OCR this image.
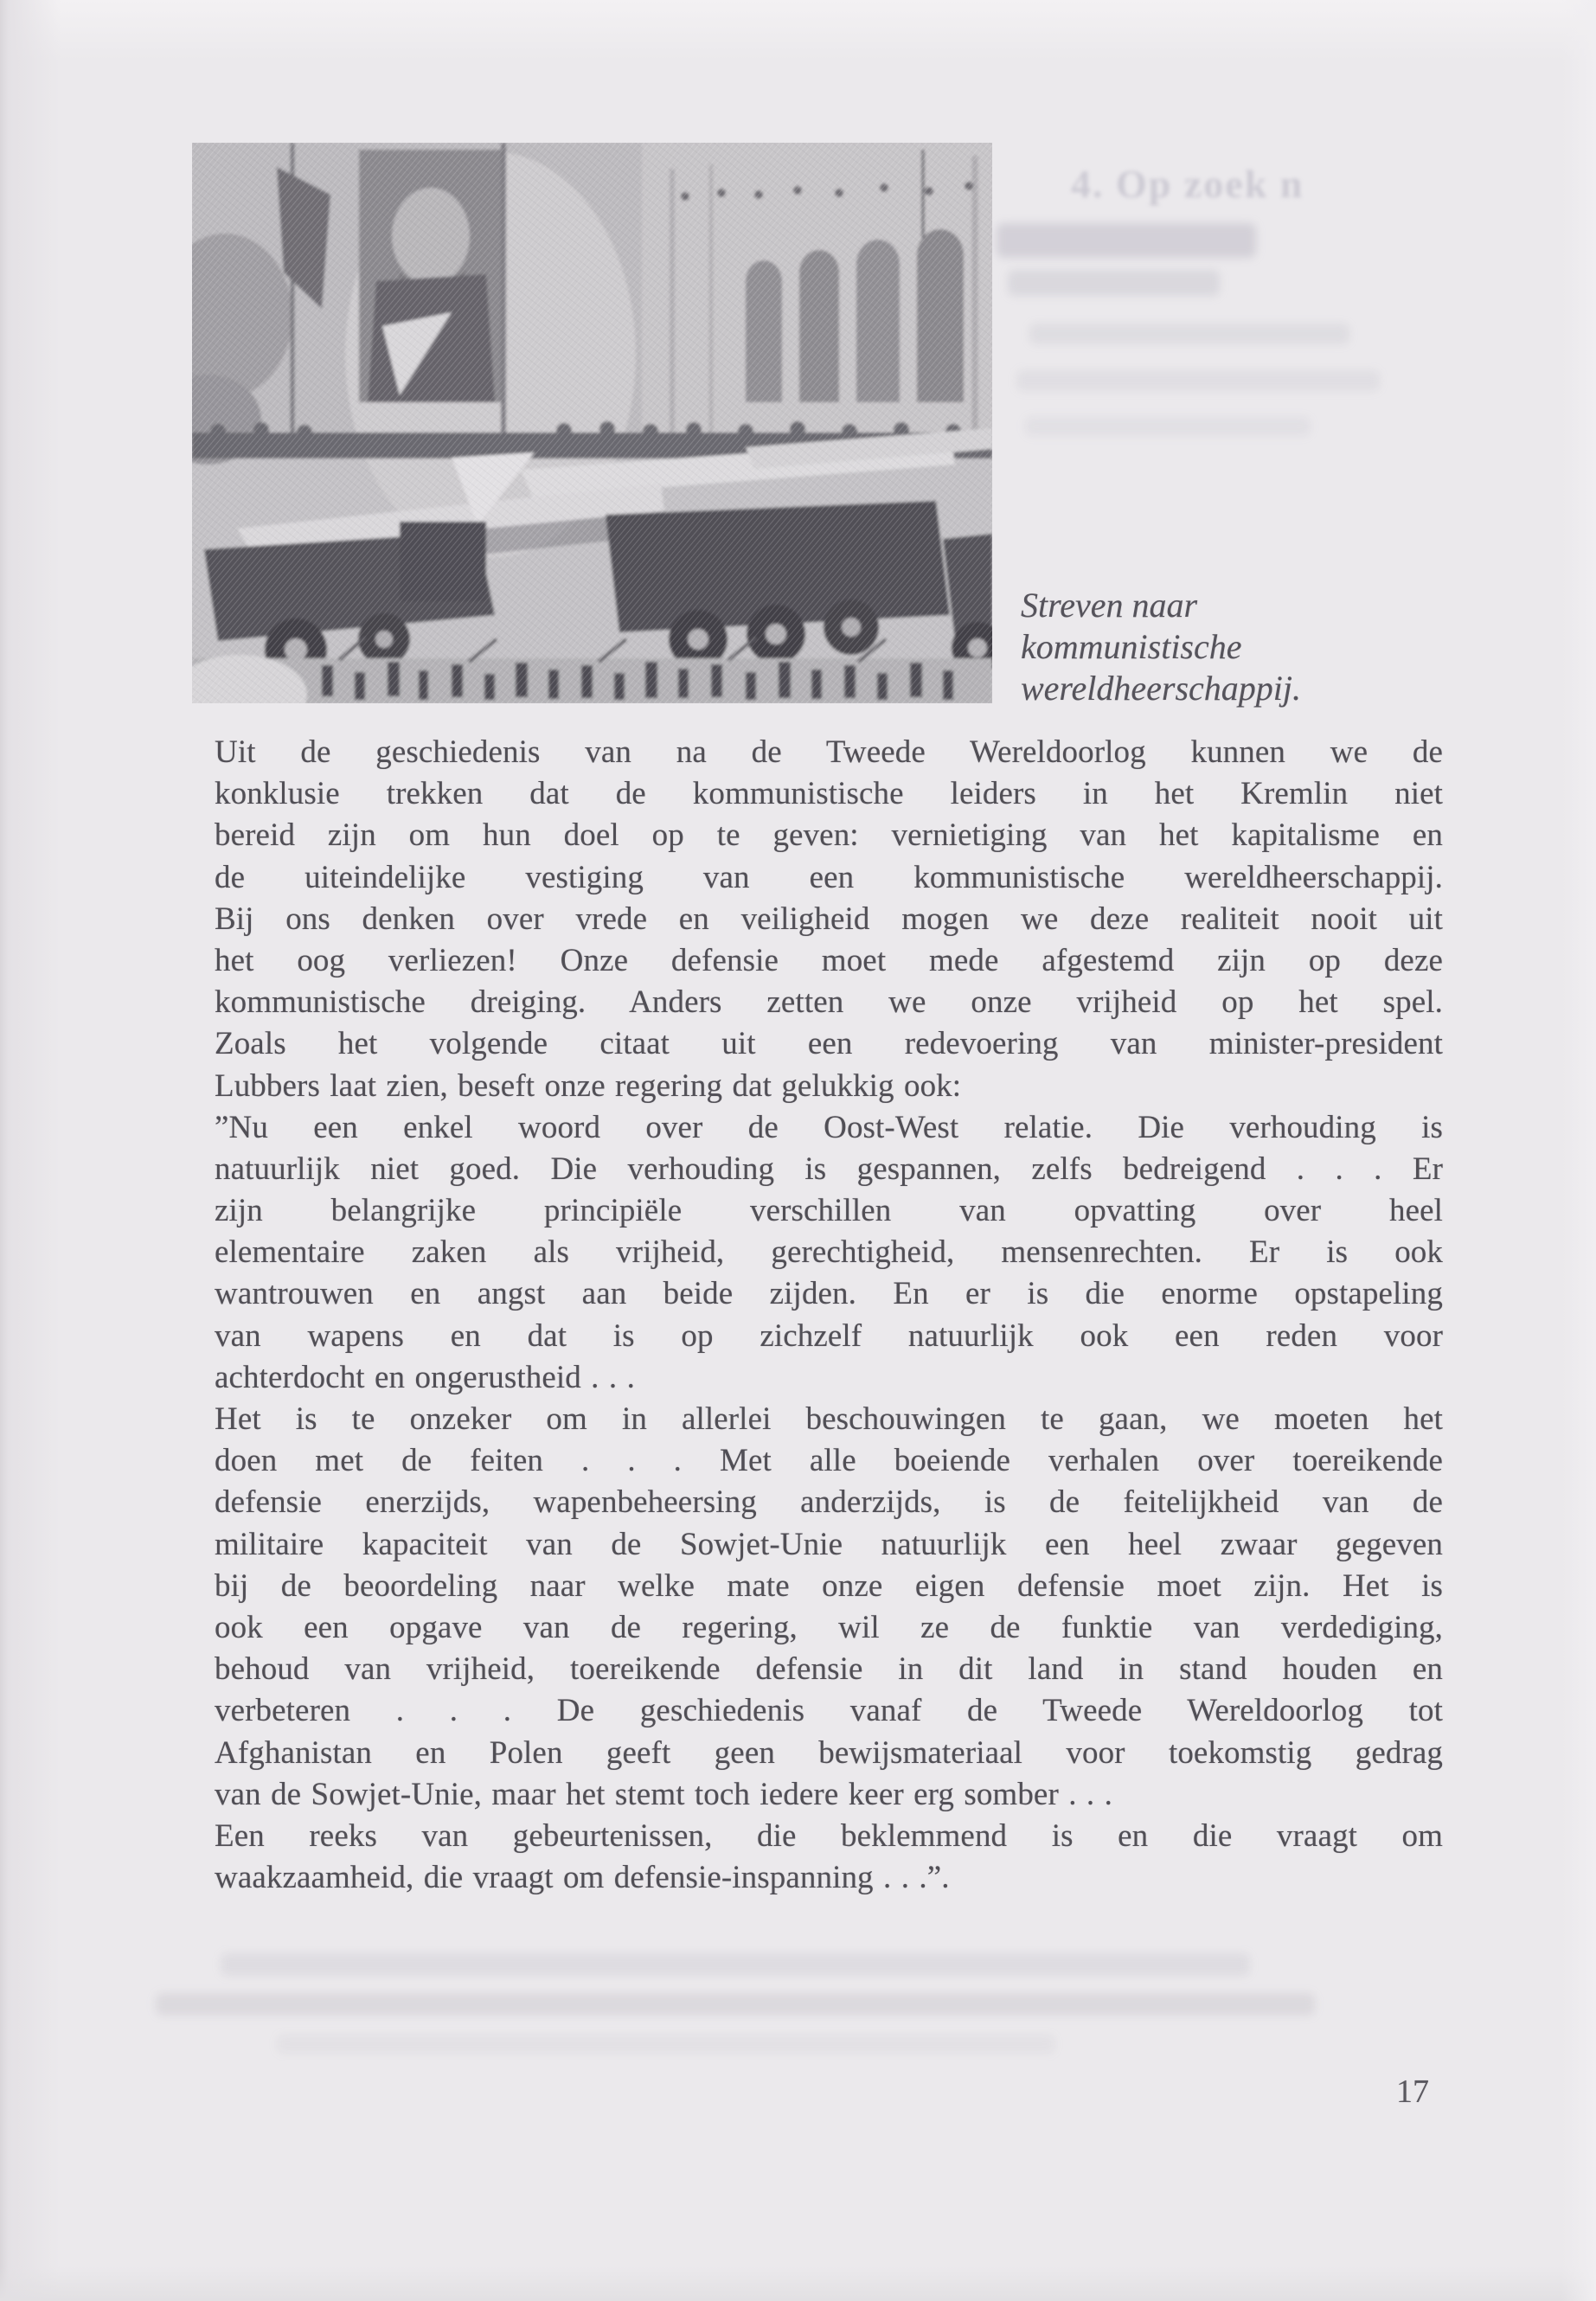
4. Op zoek n
Streven naar
kommunistische
wereldheerschappij.
Uit de geschiedenis van na de Tweede Wereldoorlog kunnen we de
konklusie trekken dat de kommunistische leiders in het Kremlin niet
bereid zijn om hun doel op te geven: vernietiging van het kapitalisme en
de uiteindelijke vestiging van een kommunistische wereldheerschappij.
Bij ons denken over vrede en veiligheid mogen we deze realiteit nooit uit
het oog verliezen! Onze defensie moet mede afgestemd zijn op deze
kommunistische dreiging. Anders zetten we onze vrijheid op het spel.
Zoals het volgende citaat uit een redevoering van minister-president
Lubbers laat zien, beseft onze regering dat gelukkig ook:
”Nu een enkel woord over de Oost-West relatie. Die verhouding is
natuurlijk niet goed. Die verhouding is gespannen, zelfs bedreigend . . . Er
zijn belangrijke principiële verschillen van opvatting over heel
elementaire zaken als vrijheid, gerechtigheid, mensenrechten. Er is ook
wantrouwen en angst aan beide zijden. En er is die enorme opstapeling
van wapens en dat is op zichzelf natuurlijk ook een reden voor
achterdocht en ongerustheid . . .
Het is te onzeker om in allerlei beschouwingen te gaan, we moeten het
doen met de feiten . . . Met alle boeiende verhalen over toereikende
defensie enerzijds, wapenbeheersing anderzijds, is de feitelijkheid van de
militaire kapaciteit van de Sowjet-Unie natuurlijk een heel zwaar gegeven
bij de beoordeling naar welke mate onze eigen defensie moet zijn. Het is
ook een opgave van de regering, wil ze de funktie van verdediging,
behoud van vrijheid, toereikende defensie in dit land in stand houden en
verbeteren . . . De geschiedenis vanaf de Tweede Wereldoorlog tot
Afghanistan en Polen geeft geen bewijsmateriaal voor toekomstig gedrag
van de Sowjet-Unie, maar het stemt toch iedere keer erg somber . . .
Een reeks van gebeurtenissen, die beklemmend is en die vraagt om
waakzaamheid, die vraagt om defensie-inspanning . . .”.
17
